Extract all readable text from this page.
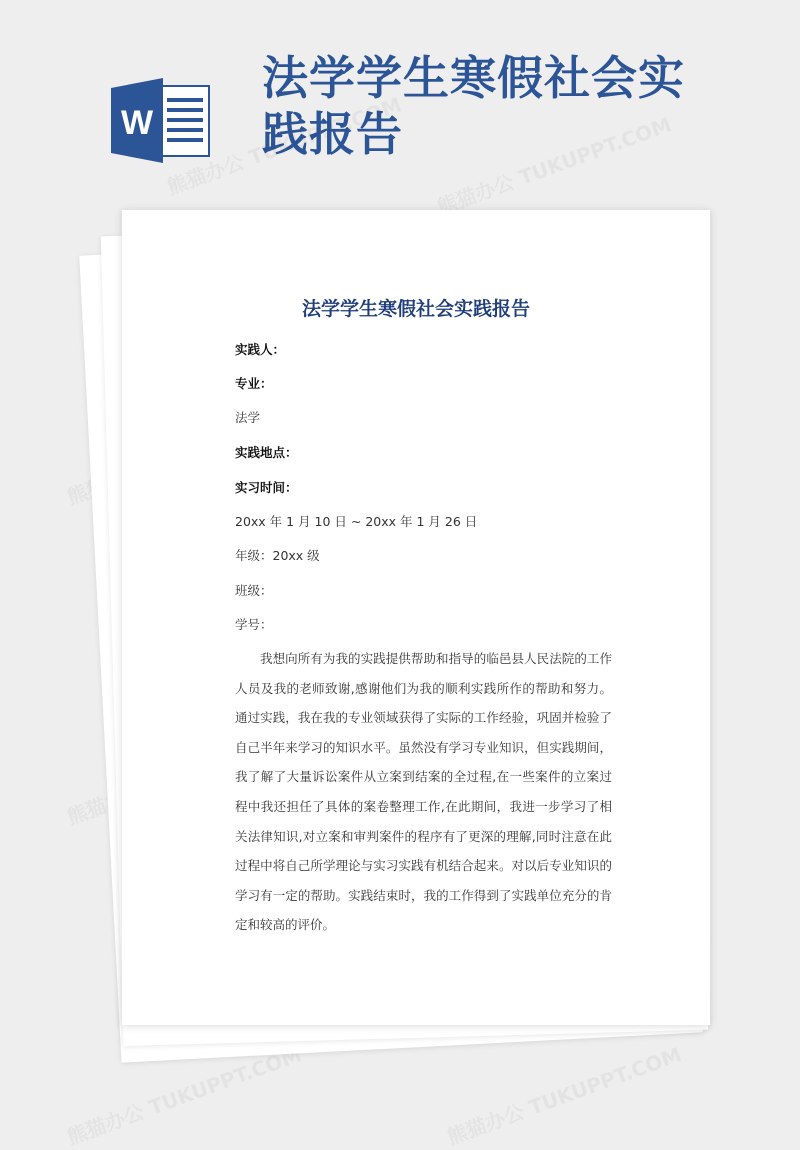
W
法学学生寒假社会实践报告
法学学生寒假社会实践报告
实践人：
专业：
法学
实践地点：
实习时间：
20xx 年 1 月 10 日 ~ 20xx 年 1 月 26 日
年级：20xx 级
班级：
学号：
我想向所有为我的实践提供帮助和指导的临邑县人民法院的工作人员及我的老师致谢,感谢他们为我的顺利实践所作的帮助和努力。通过实践，我在我的专业领域获得了实际的工作经验，巩固并检验了自己半年来学习的知识水平。虽然没有学习专业知识，但实践期间，我了解了大量诉讼案件从立案到结案的全过程,在一些案件的立案过程中我还担任了具体的案卷整理工作,在此期间，我进一步学习了相关法律知识,对立案和审判案件的程序有了更深的理解,同时注意在此过程中将自己所学理论与实习实践有机结合起来。对以后专业知识的学习有一定的帮助。实践结束时，我的工作得到了实践单位充分的肯定和较高的评价。
